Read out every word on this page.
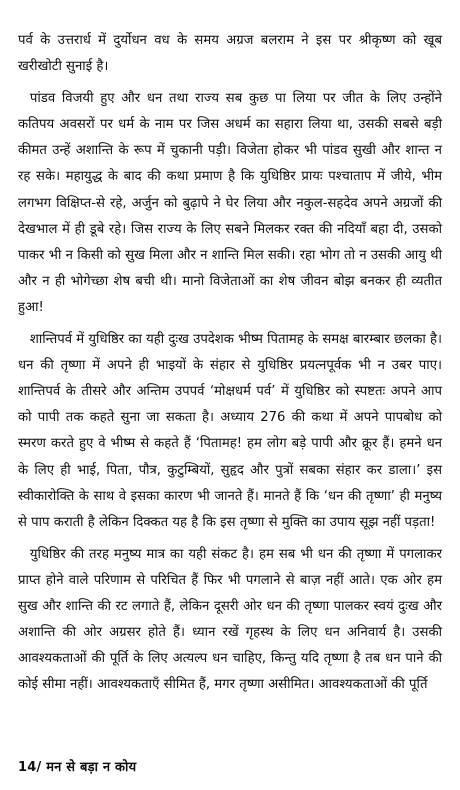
पर्व के उत्तरार्ध में दुर्योधन वध के समय अग्रज बलराम ने इस पर श्रीकृष्ण को खूब खरीखोटी सुनाई है।

पांडव विजयी हुए और धन तथा राज्य सब कुछ पा लिया पर जीत के लिए उन्होंने कतिपय अवसरों पर धर्म के नाम पर जिस अधर्म का सहारा लिया था, उसकी सबसे बड़ी कीमत उन्हें अशान्ति के रूप में चुकानी पड़ी। विजेता होकर भी पांडव सुखी और शान्त न रह सके। महायुद्ध के बाद की कथा प्रमाण है कि युधिष्ठिर प्रायः पश्चाताप में जीये, भीम लगभग विक्षिप्त-से रहे, अर्जुन को बुढ़ापे ने घेर लिया और नकुल-सहदेव अपने अग्रजों की देखभाल में ही डूबे रहे। जिस राज्य के लिए सबने मिलकर रक्त की नदियाँ बहा दी, उसको पाकर भी न किसी को सुख मिला और न शान्ति मिल सकी। रहा भोग तो न उसकी आयु थी और न ही भोगेच्छा शेष बची थी। मानो विजेताओं का शेष जीवन बोझ बनकर ही व्यतीत हुआ!

शान्तिपर्व में युधिष्ठिर का यही दुःख उपदेशक भीष्म पितामह के समक्ष बारम्बार छलका है। धन की तृष्णा में अपने ही भाइयों के संहार से युधिष्ठिर प्रयत्नपूर्वक भी न उबर पाए। शान्तिपर्व के तीसरे और अन्तिम उपपर्व ‘मोक्षधर्म पर्व’ में युधिष्ठिर को स्पष्टतः अपने आप को पापी तक कहते सुना जा सकता है। अध्याय 276 की कथा में अपने पापबोध को स्मरण करते हुए वे भीष्म से कहते हैं ‘पितामह! हम लोग बड़े पापी और क्रूर हैं। हमने धन के लिए ही भाई, पिता, पौत्र, कुटुम्बियों, सुहृद और पुत्रों सबका संहार कर डाला।’ इस स्वीकारोक्ति के साथ वे इसका कारण भी जानते हैं। मानते हैं कि ‘धन की तृष्णा’ ही मनुष्य से पाप कराती है लेकिन दिक्कत यह है कि इस तृष्णा से मुक्ति का उपाय सूझ नहीं पड़ता!

युधिष्ठिर की तरह मनुष्य मात्र का यही संकट है। हम सब भी धन की तृष्णा में पगलाकर प्राप्त होने वाले परिणाम से परिचित हैं फिर भी पगलाने से बाज़ नहीं आते। एक ओर हम सुख और शान्ति की रट लगाते हैं, लेकिन दूसरी ओर धन की तृष्णा पालकर स्वयं दुःख और अशान्ति की ओर अग्रसर होते हैं। ध्यान रखें गृहस्थ के लिए धन अनिवार्य है। उसकी आवश्यकताओं की पूर्ति के लिए अत्यल्प धन चाहिए, किन्तु यदि तृष्णा है तब धन पाने की कोई सीमा नहीं। आवश्यकताएँ सीमित हैं, मगर तृष्णा असीमित। आवश्यकताओं की पूर्ति

14/ मन से बड़ा न कोय
